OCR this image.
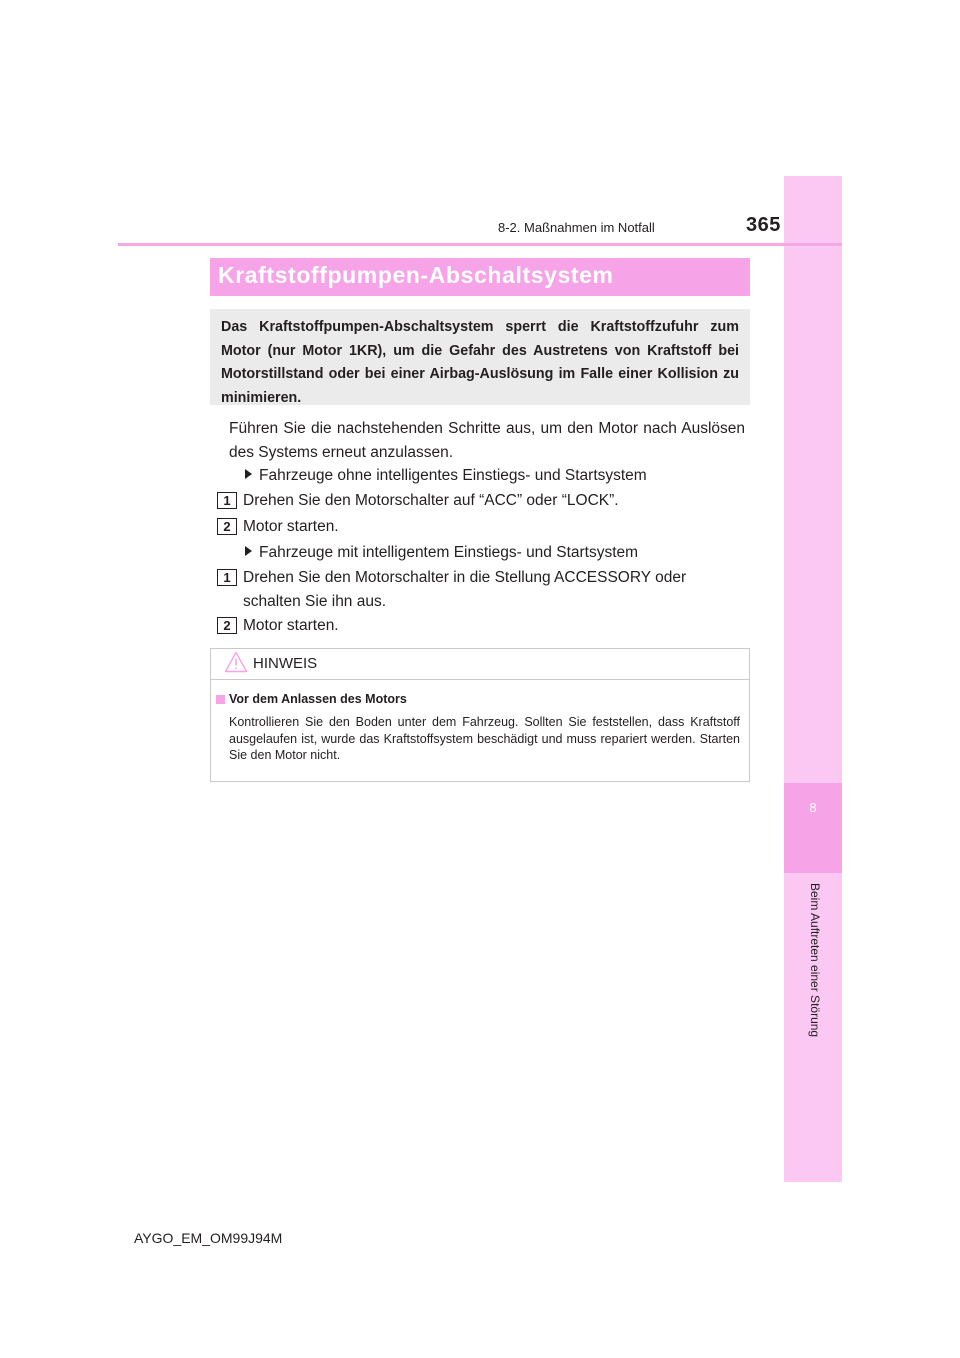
8
Beim Auftreten einer Störung
8-2. Maßnahmen im Notfall	365
Kraftstoffpumpen-Abschaltsystem
Das Kraftstoffpumpen-Abschaltsystem sperrt die Kraftstoffzufuhr zum Motor (nur Motor 1KR), um die Gefahr des Austretens von Kraftstoff bei Motorstillstand oder bei einer Airbag-Auslösung im Falle einer Kollision zu minimieren.
Führen Sie die nachstehenden Schritte aus, um den Motor nach Auslösen des Systems erneut anzulassen.
Fahrzeuge ohne intelligentes Einstiegs- und Startsystem
1 Drehen Sie den Motorschalter auf “ACC” oder “LOCK”.
2 Motor starten.
Fahrzeuge mit intelligentem Einstiegs- und Startsystem
1 Drehen Sie den Motorschalter in die Stellung ACCESSORY oder schalten Sie ihn aus.
2 Motor starten.
HINWEIS
Vor dem Anlassen des Motors
Kontrollieren Sie den Boden unter dem Fahrzeug. Sollten Sie feststellen, dass Kraftstoff ausgelaufen ist, wurde das Kraftstoffsystem beschädigt und muss repariert werden. Starten Sie den Motor nicht.
AYGO_EM_OM99J94M
